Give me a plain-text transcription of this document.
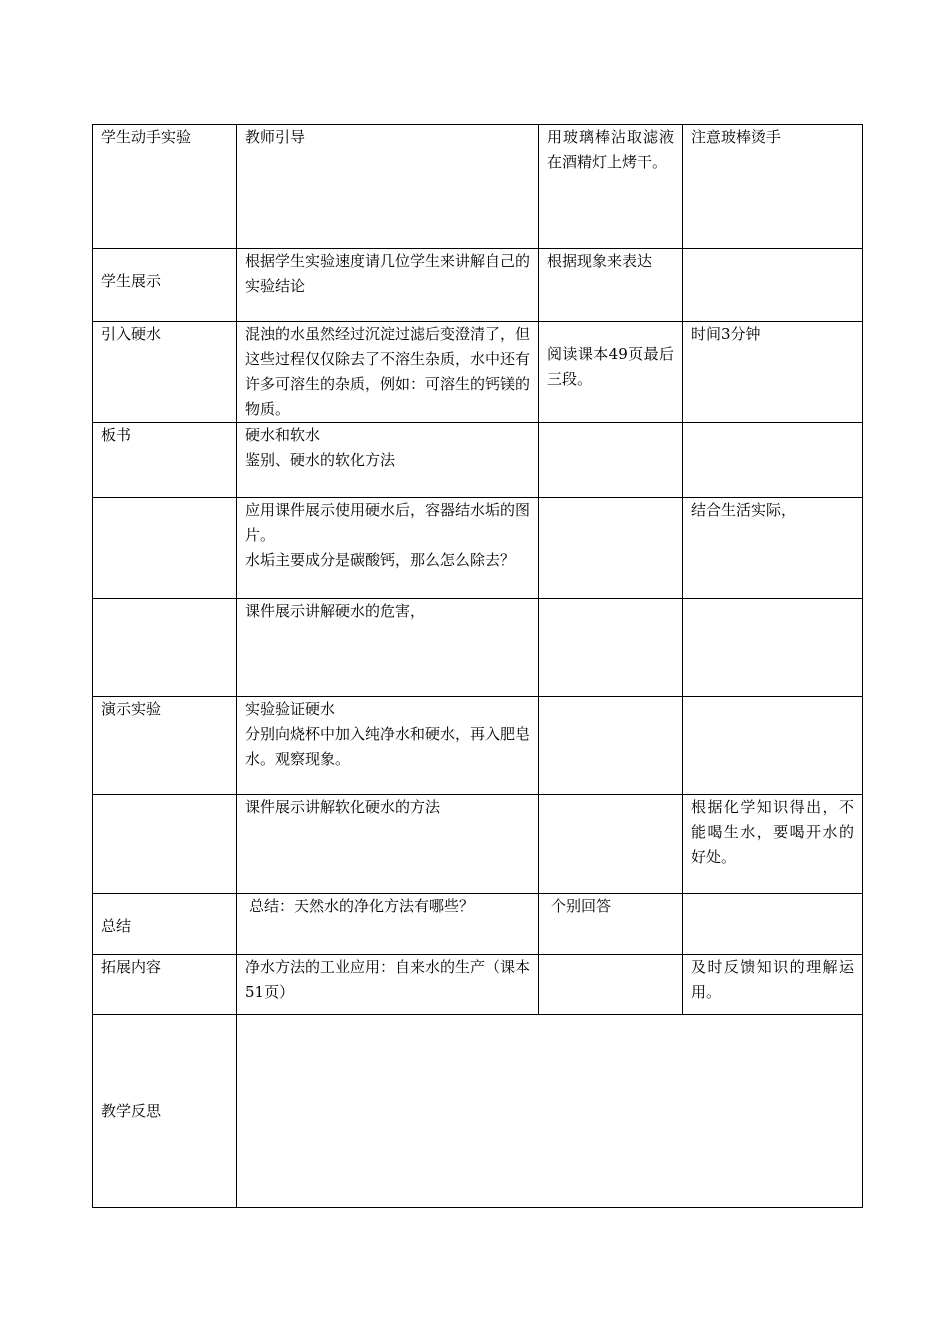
学生动手实验	教师引导	用玻璃棒沾取滤液在酒精灯上烤干。	注意玻棒烫手

学生展示	根据学生实验速度请几位学生来讲解自己的实验结论	根据现象来表达	

引入硬水	混浊的水虽然经过沉淀过滤后变澄清了，但这些过程仅仅除去了不溶生杂质，水中还有许多可溶生的杂质，例如：可溶生的钙镁的物质。	阅读课本49页最后三段。	时间3分钟

板书	硬水和软水
鉴别、硬水的软化方法		

	应用课件展示使用硬水后，容器结水垢的图片。
水垢主要成分是碳酸钙，那么怎么除去？		结合生活实际，

	课件展示讲解硬水的危害，		

演示实验	实验验证硬水
分别向烧杯中加入纯净水和硬水，再入肥皂水。观察现象。		

	课件展示讲解软化硬水的方法		根据化学知识得出，不能喝生水，要喝开水的好处。

总结	总结：天然水的净化方法有哪些？	个别回答	

拓展内容	净水方法的工业应用：自来水的生产（课本51页）		及时反馈知识的理解运用。

教学反思			
